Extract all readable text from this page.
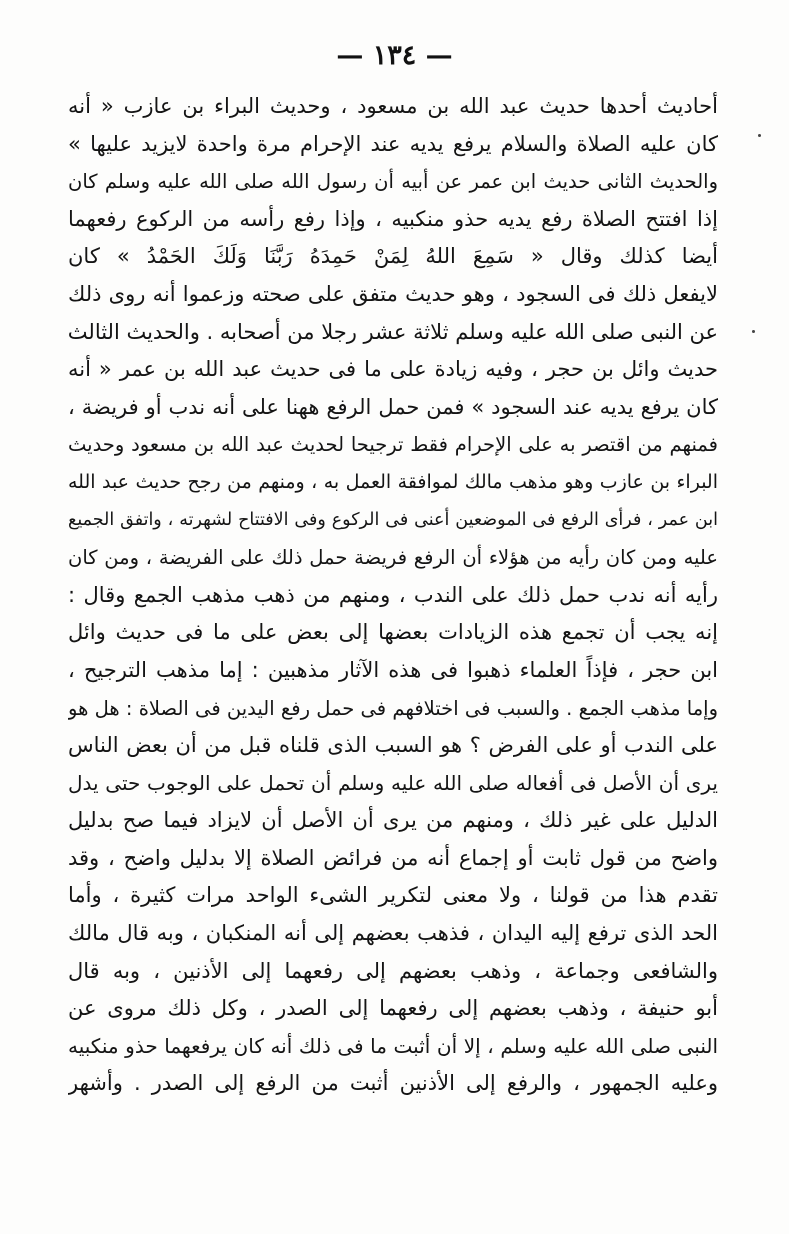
— ١٣٤ —
أحاديث أحدها حديث عبد الله بن مسعود ، وحديث البراء بن عازب « أنه
كان عليه الصلاة والسلام يرفع يديه عند الإحرام مرة واحدة لايزيد عليها »
والحديث الثانى حديث ابن عمر عن أبيه أن رسول الله صلى الله عليه وسلم كان
إذا افتتح الصلاة رفع يديه حذو منكبيه ، وإذا رفع رأسه من الركوع رفعهما
أيضا كذلك وقال « سَمِعَ اللهُ لِمَنْ حَمِدَهُ رَبَّنَا وَلَكَ الحَمْدُ » كان
لايفعل ذلك فى السجود ، وهو حديث متفق على صحته وزعموا أنه روى ذلك
عن النبى صلى الله عليه وسلم ثلاثة عشر رجلا من أصحابه . والحديث الثالث
حديث وائل بن حجر ، وفيه زيادة على ما فى حديث عبد الله بن عمر « أنه
كان يرفع يديه عند السجود » فمن حمل الرفع ههنا على أنه ندب أو فريضة ،
فمنهم من اقتصر به على الإحرام فقط ترجيحا لحديث عبد الله بن مسعود وحديث
البراء بن عازب وهو مذهب مالك لموافقة العمل به ، ومنهم من رجح حديث عبد الله
ابن عمر ، فرأى الرفع فى الموضعين أعنى فى الركوع وفى الافتتاح لشهرته ، واتفق الجميع
عليه ومن كان رأيه من هؤلاء أن الرفع فريضة حمل ذلك على الفريضة ، ومن كان
رأيه أنه ندب حمل ذلك على الندب ، ومنهم من ذهب مذهب الجمع وقال :
إنه يجب أن تجمع هذه الزيادات بعضها إلى بعض على ما فى حديث وائل
ابن حجر ، فإذاً العلماء ذهبوا فى هذه الآثار مذهبين : إما مذهب الترجيح ،
وإما مذهب الجمع . والسبب فى اختلافهم فى حمل رفع اليدين فى الصلاة : هل هو
على الندب أو على الفرض ؟ هو السبب الذى قلناه قبل من أن بعض الناس
يرى أن الأصل فى أفعاله صلى الله عليه وسلم أن تحمل على الوجوب حتى يدل
الدليل على غير ذلك ، ومنهم من يرى أن الأصل أن لايزاد فيما صح بدليل
واضح من قول ثابت أو إجماع أنه من فرائض الصلاة إلا بدليل واضح ، وقد
تقدم هذا من قولنا ، ولا معنى لتكرير الشىء الواحد مرات كثيرة ، وأما
الحد الذى ترفع إليه اليدان ، فذهب بعضهم إلى أنه المنكبان ، وبه قال مالك
والشافعى وجماعة ، وذهب بعضهم إلى رفعهما إلى الأذنين ، وبه قال
أبو حنيفة ، وذهب بعضهم إلى رفعهما إلى الصدر ، وكل ذلك مروى عن
النبى صلى الله عليه وسلم ، إلا أن أثبت ما فى ذلك أنه كان يرفعهما حذو منكبيه
وعليه الجمهور ، والرفع إلى الأذنين أثبت من الرفع إلى الصدر . وأشهر
